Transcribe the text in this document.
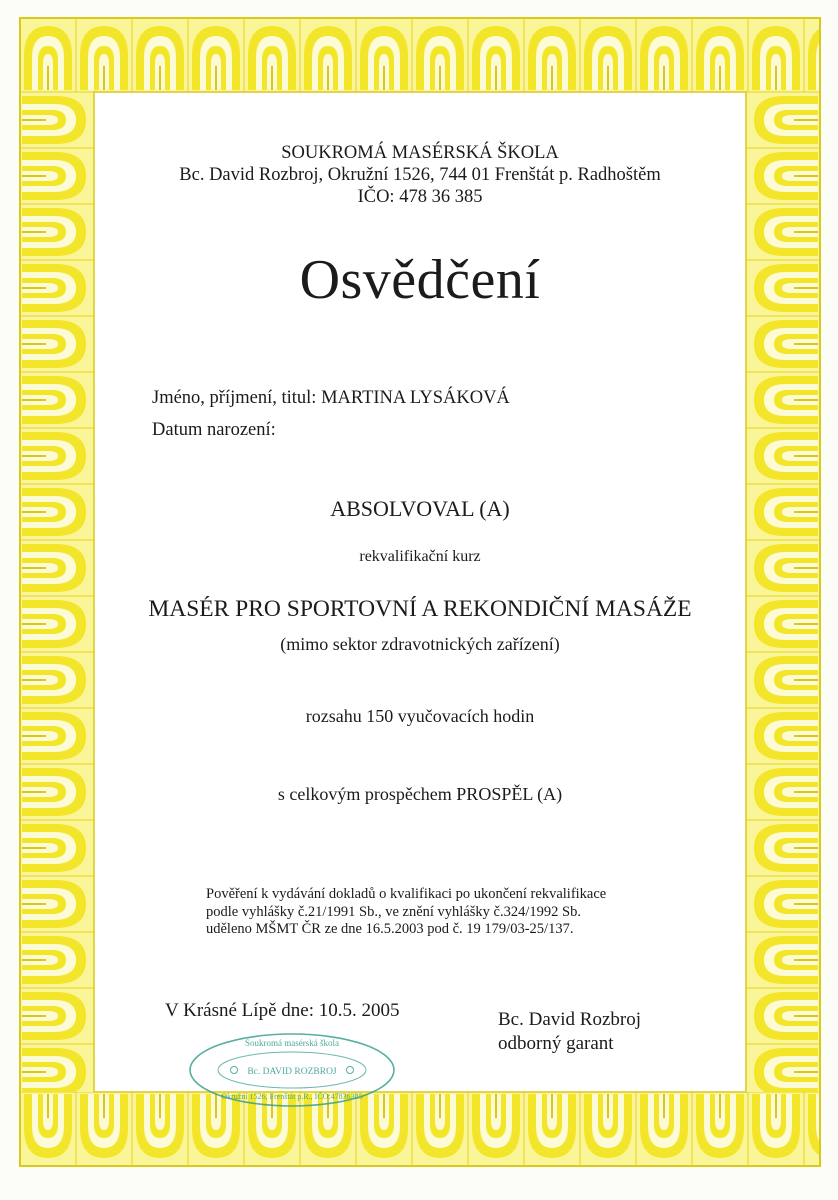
SOUKROMÁ MASÉRSKÁ ŠKOLA
Bc. David Rozbroj, Okružní 1526, 744 01 Frenštát p. Radhoštěm
IČO: 478 36 385
Osvědčení
Jméno, příjmení, titul: MARTINA LYSÁKOVÁ
Datum narození:
ABSOLVOVAL (A)
rekvalifikační kurz
MASÉR PRO SPORTOVNÍ A REKONDIČNÍ MASÁŽE
(mimo sektor zdravotnických zařízení)
rozsahu 150 vyučovacích hodin
s celkovým prospěchem PROSPĚL (A)
Pověření k vydávání dokladů o kvalifikaci po ukončení rekvalifikace
podle vyhlášky č.21/1991 Sb., ve znění vyhlášky č.324/1992 Sb.
uděleno MŠMT ČR ze dne 16.5.2003 pod č. 19 179/03-25/137.
V Krásné Lípě dne: 10.5. 2005	Bc. David Rozbroj
odborný garant
Soukromá masérská škola
Bc. DAVID ROZBROJ
Okružní 1526, Frenštát p.R., IČO:47836385
